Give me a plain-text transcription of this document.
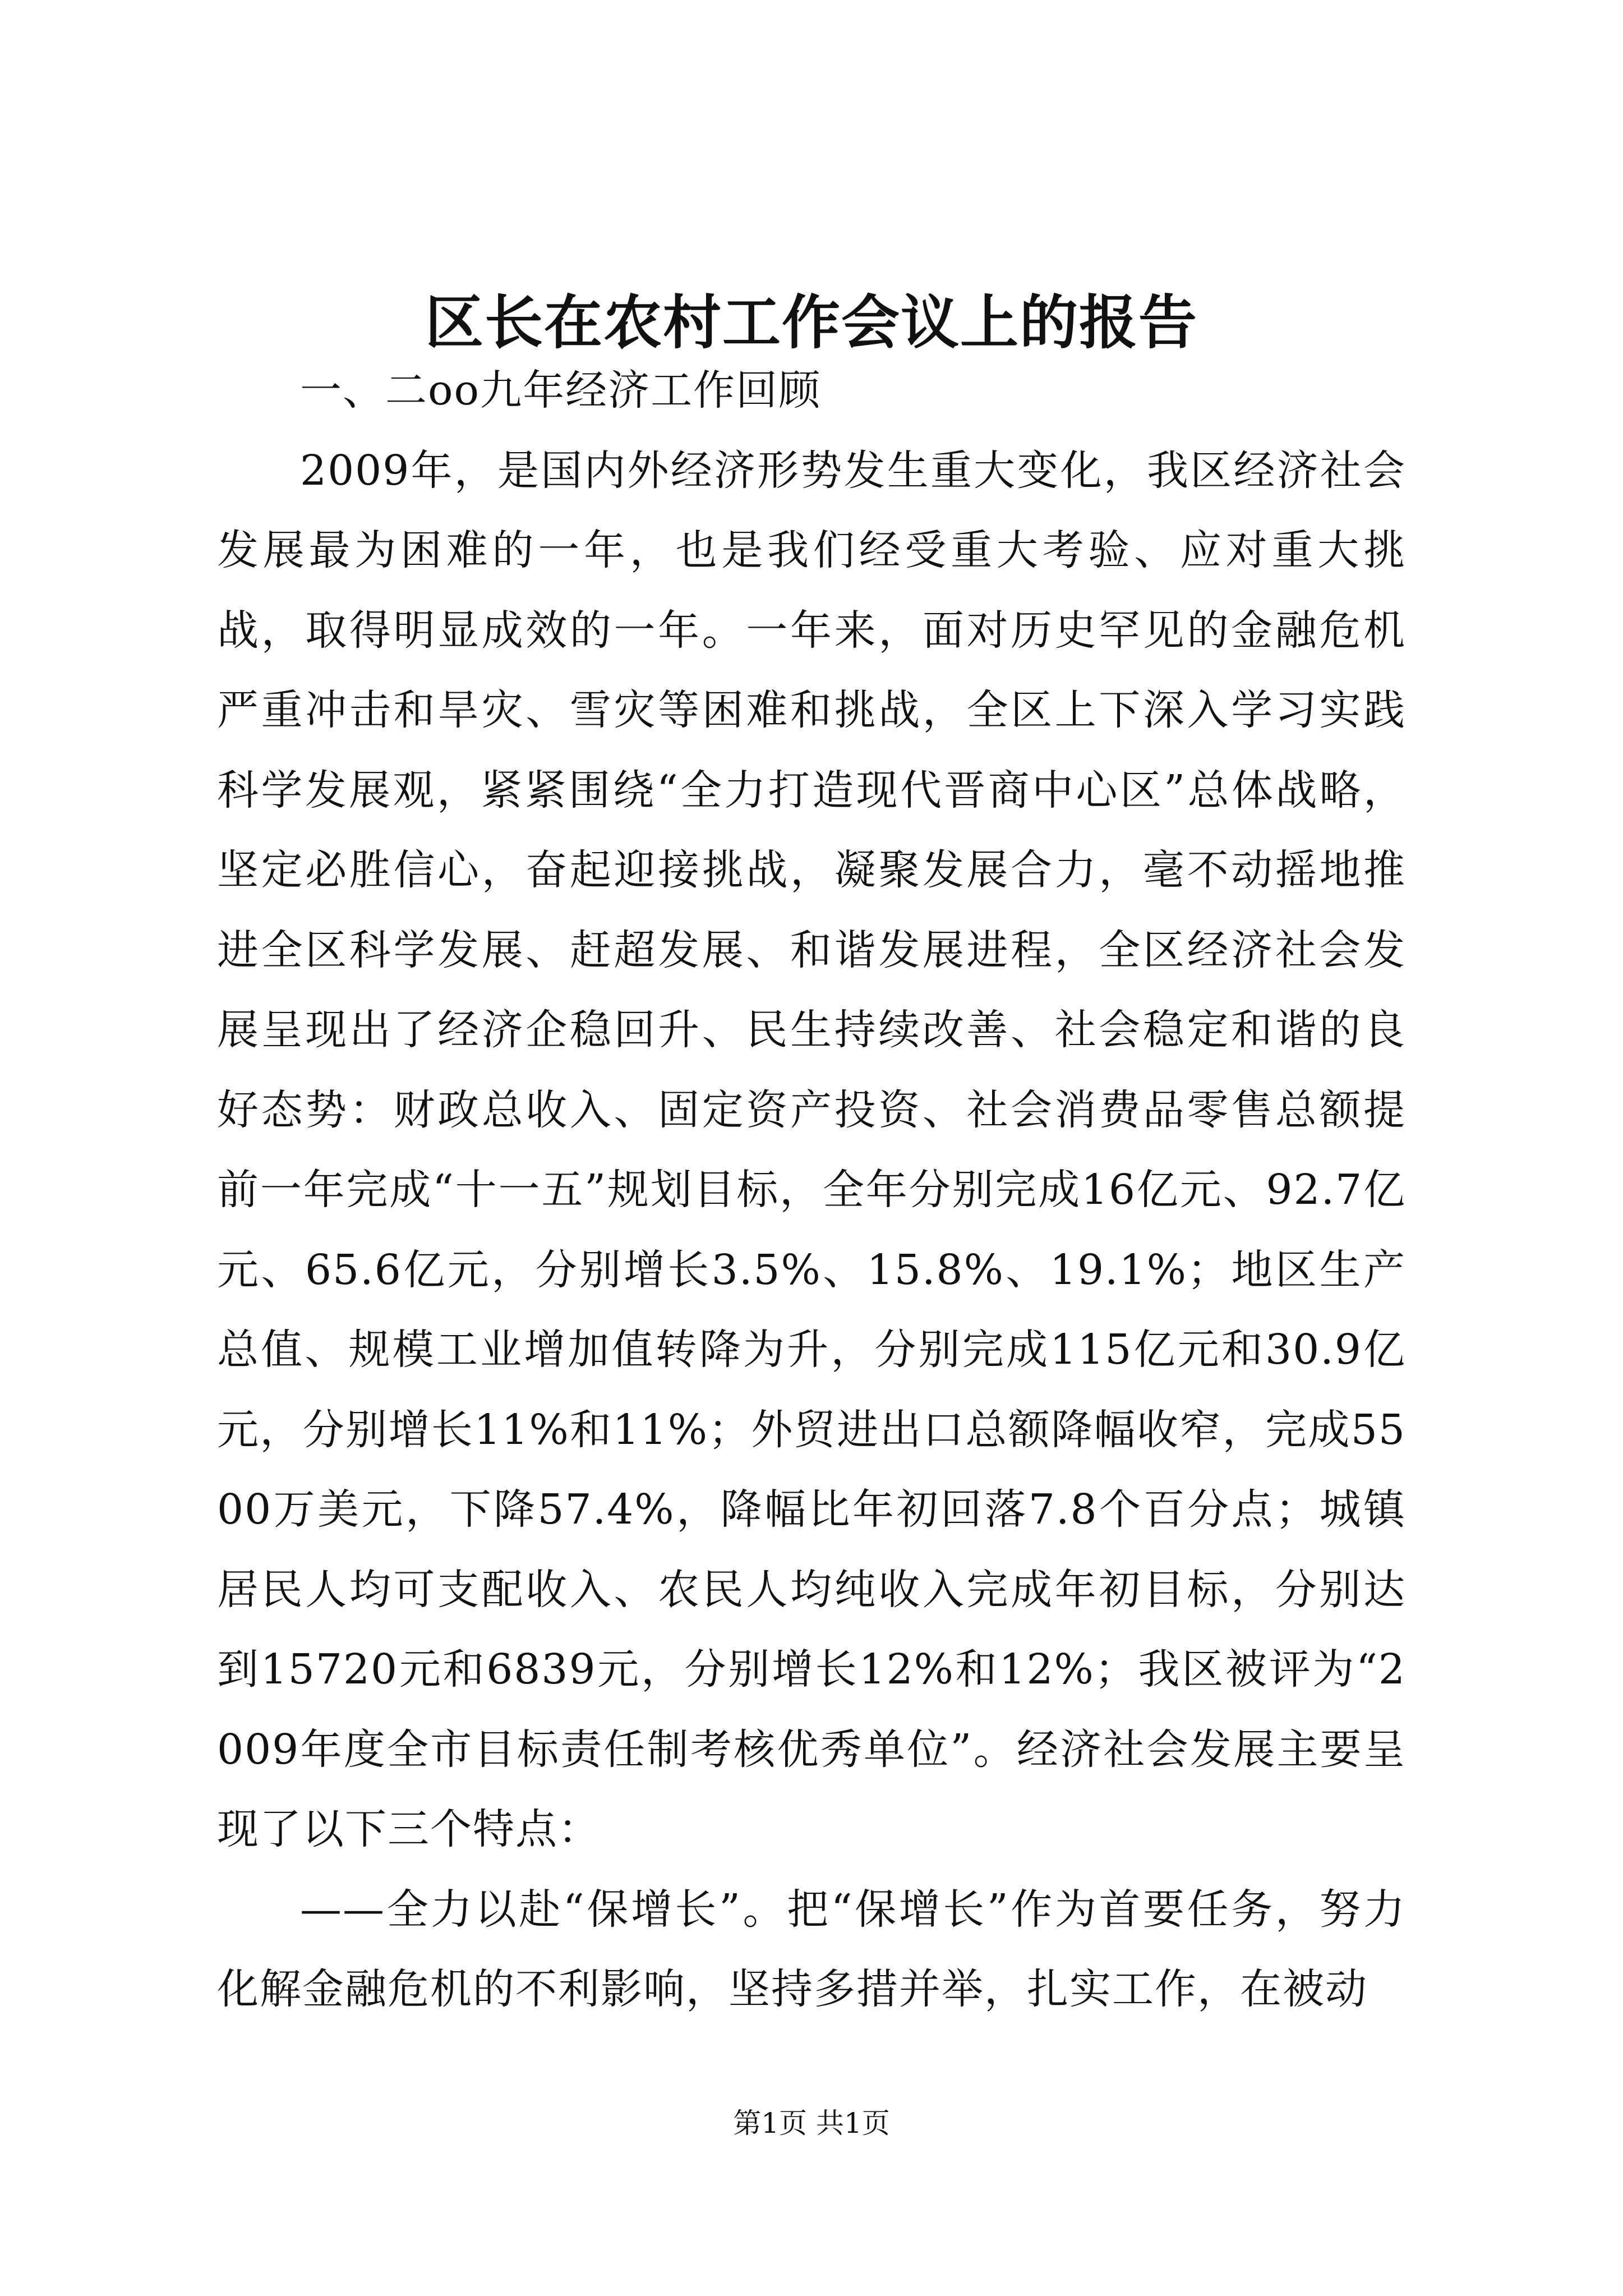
区长在农村工作会议上的报告

一、二oo九年经济工作回顾

2009年，是国内外经济形势发生重大变化，我区经济社会发展最为困难的一年，也是我们经受重大考验、应对重大挑战，取得明显成效的一年。一年来，面对历史罕见的金融危机严重冲击和旱灾、雪灾等困难和挑战，全区上下深入学习实践科学发展观，紧紧围绕“全力打造现代晋商中心区”总体战略，坚定必胜信心，奋起迎接挑战，凝聚发展合力，毫不动摇地推进全区科学发展、赶超发展、和谐发展进程，全区经济社会发展呈现出了经济企稳回升、民生持续改善、社会稳定和谐的良好态势：财政总收入、固定资产投资、社会消费品零售总额提前一年完成“十一五”规划目标，全年分别完成16亿元、92.7亿元、65.6亿元，分别增长3.5%、15.8%、19.1%；地区生产总值、规模工业增加值转降为升，分别完成115亿元和30.9亿元，分别增长11%和11%；外贸进出口总额降幅收窄，完成5500万美元，下降57.4%，降幅比年初回落7.8个百分点；城镇居民人均可支配收入、农民人均纯收入完成年初目标，分别达到15720元和6839元，分别增长12%和12%；我区被评为“2009年度全市目标责任制考核优秀单位”。经济社会发展主要呈现了以下三个特点：

——全力以赴“保增长”。把“保增长”作为首要任务，努力化解金融危机的不利影响，坚持多措并举，扎实工作，在被动

第1页 共1页
